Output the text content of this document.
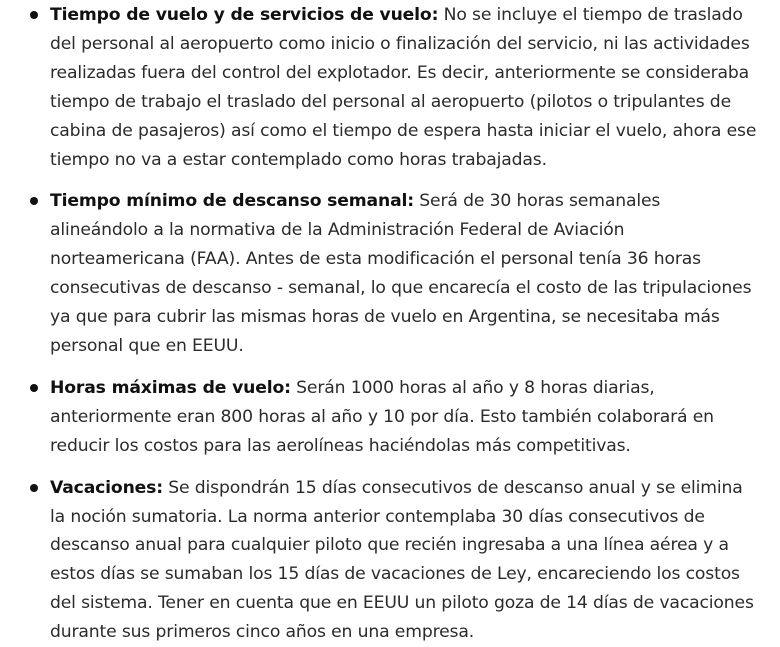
Tiempo de vuelo y de servicios de vuelo: No se incluye el tiempo de traslado del personal al aeropuerto como inicio o finalización del servicio, ni las actividades realizadas fuera del control del explotador. Es decir, anteriormente se consideraba tiempo de trabajo el traslado del personal al aeropuerto (pilotos o tripulantes de cabina de pasajeros) así como el tiempo de espera hasta iniciar el vuelo, ahora ese tiempo no va a estar contemplado como horas trabajadas.
Tiempo mínimo de descanso semanal: Será de 30 horas semanales alineándolo a la normativa de la Administración Federal de Aviación norteamericana (FAA). Antes de esta modificación el personal tenía 36 horas consecutivas de descanso - semanal, lo que encarecía el costo de las tripulaciones ya que para cubrir las mismas horas de vuelo en Argentina, se necesitaba más personal que en EEUU.
Horas máximas de vuelo: Serán 1000 horas al año y 8 horas diarias, anteriormente eran 800 horas al año y 10 por día. Esto también colaborará en reducir los costos para las aerolíneas haciéndolas más competitivas.
Vacaciones: Se dispondrán 15 días consecutivos de descanso anual y se elimina la noción sumatoria. La norma anterior contemplaba 30 días consecutivos de descanso anual para cualquier piloto que recién ingresaba a una línea aérea y a estos días se sumaban los 15 días de vacaciones de Ley, encareciendo los costos del sistema. Tener en cuenta que en EEUU un piloto goza de 14 días de vacaciones durante sus primeros cinco años en una empresa.
